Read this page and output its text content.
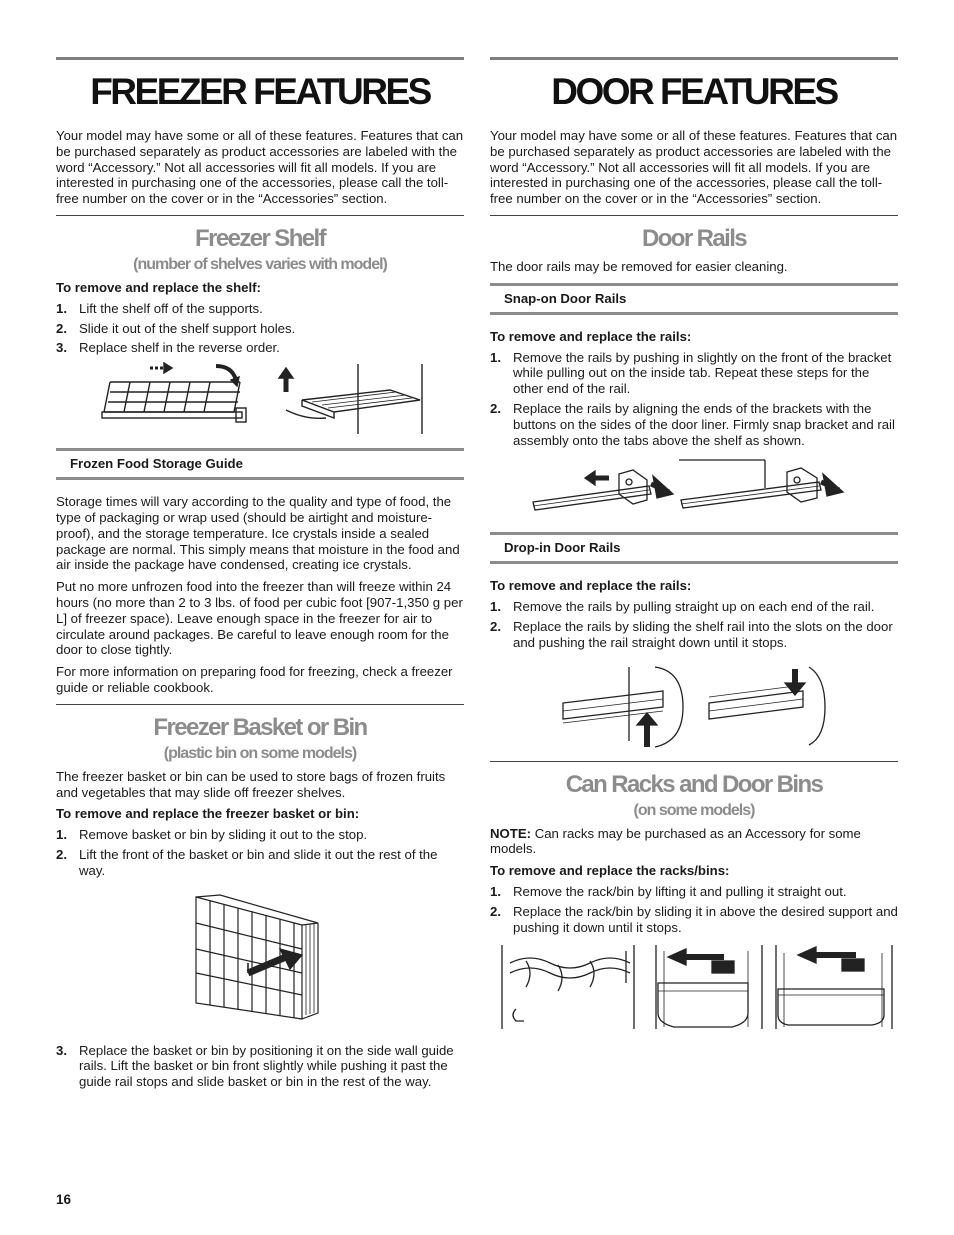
FREEZER FEATURES

Your model may have some or all of these features. Features that can be purchased separately as product accessories are labeled with the word “Accessory.” Not all accessories will fit all models. If you are interested in purchasing one of the accessories, please call the toll-free number on the cover or in the “Accessories” section.

Freezer Shelf
(number of shelves varies with model)

To remove and replace the shelf:

1. Lift the shelf off of the supports.
2. Slide it out of the shelf support holes.
3. Replace shelf in the reverse order.
Frozen Food Storage Guide

Storage times will vary according to the quality and type of food, the type of packaging or wrap used (should be airtight and moisture-proof), and the storage temperature. Ice crystals inside a sealed package are normal. This simply means that moisture in the food and air inside the package have condensed, creating ice crystals.

Put no more unfrozen food into the freezer than will freeze within 24 hours (no more than 2 to 3 lbs. of food per cubic foot [907-1,350 g per L] of freezer space). Leave enough space in the freezer for air to circulate around packages. Be careful to leave enough room for the door to close tightly.

For more information on preparing food for freezing, check a freezer guide or reliable cookbook.

Freezer Basket or Bin
(plastic bin on some models)

The freezer basket or bin can be used to store bags of frozen fruits and vegetables that may slide off freezer shelves.

To remove and replace the freezer basket or bin:

1. Remove basket or bin by sliding it out to the stop.
2. Lift the front of the basket or bin and slide it out the rest of the way.
3. Replace the basket or bin by positioning it on the side wall guide rails. Lift the basket or bin front slightly while pushing it past the guide rail stops and slide basket or bin in the rest of the way.
DOOR FEATURES

Your model may have some or all of these features. Features that can be purchased separately as product accessories are labeled with the word “Accessory.” Not all accessories will fit all models. If you are interested in purchasing one of the accessories, please call the toll-free number on the cover or in the “Accessories” section.

Door Rails

The door rails may be removed for easier cleaning.

Snap-on Door Rails

To remove and replace the rails:

1. Remove the rails by pushing in slightly on the front of the bracket while pulling out on the inside tab. Repeat these steps for the other end of the rail.
2. Replace the rails by aligning the ends of the brackets with the buttons on the sides of the door liner. Firmly snap bracket and rail assembly onto the tabs above the shelf as shown.
Drop-in Door Rails

To remove and replace the rails:

1. Remove the rails by pulling straight up on each end of the rail.
2. Replace the rails by sliding the shelf rail into the slots on the door and pushing the rail straight down until it stops.
Can Racks and Door Bins
(on some models)

NOTE: Can racks may be purchased as an Accessory for some models.

To remove and replace the racks/bins:

1. Remove the rack/bin by lifting it and pulling it straight out.
2. Replace the rack/bin by sliding it in above the desired support and pushing it down until it stops.
16
